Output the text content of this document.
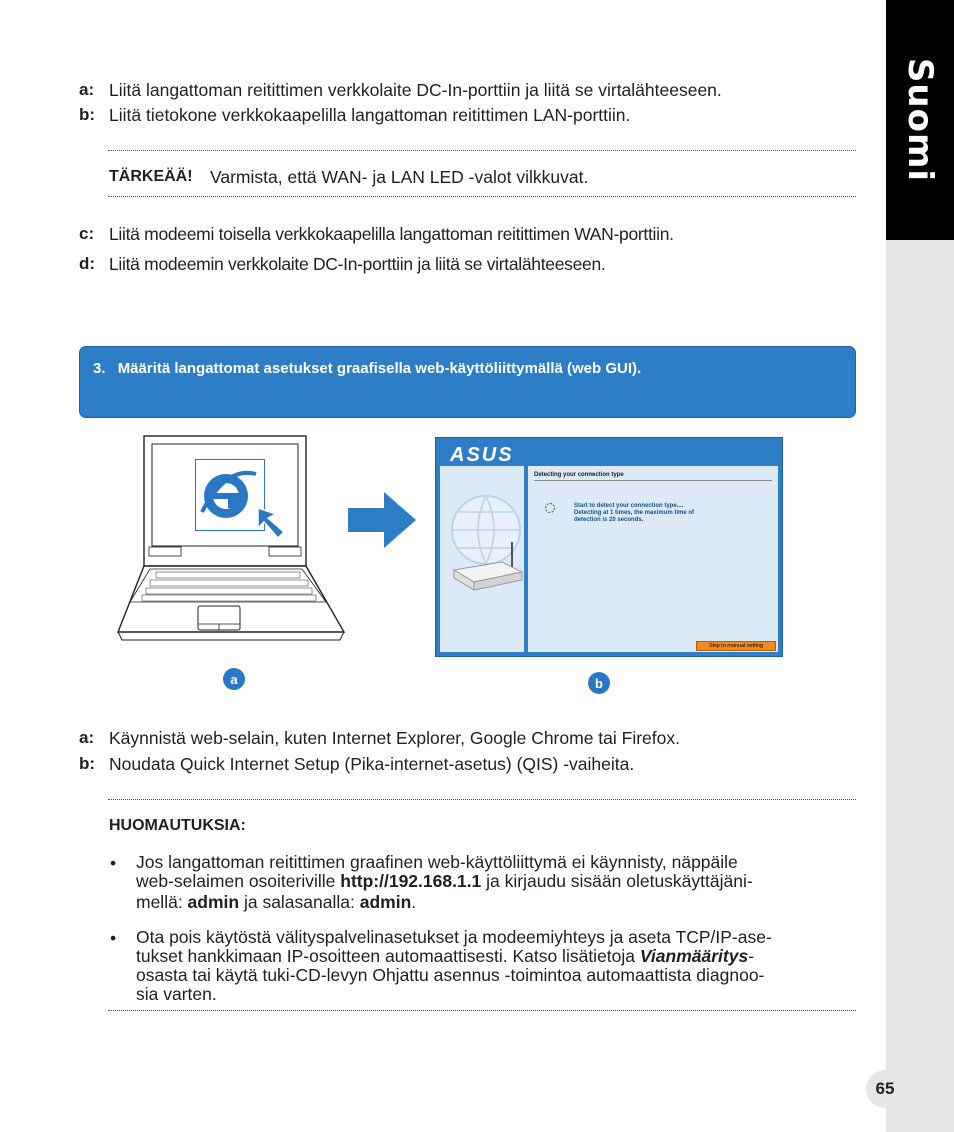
Suomi
65
a: Liitä langattoman reitittimen verkkolaite DC-In-porttiin ja liitä se virtalähteeseen.
b: Liitä tietokone verkkokaapelilla langattoman reitittimen LAN-porttiin.
TÄRKEÄÄ! Varmista, että WAN- ja LAN LED -valot vilkkuvat.
c: Liitä modeemi toisella verkkokaapelilla langattoman reitittimen WAN-porttiin.
d: Liitä modeemin verkkolaite DC-In-porttiin ja liitä se virtalähteeseen.
3. Määritä langattomat asetukset graafisella web-käyttöliittymällä (web GUI).
ASUS
Detecting your connection type
Start to detect your connection type....
Detecting at 1 times, the maximum time of
detection is 20 seconds.
Skip to manual setting
a	b
a: Käynnistä web-selain, kuten Internet Explorer, Google Chrome tai Firefox.
b: Noudata Quick Internet Setup (Pika-internet-asetus) (QIS) -vaiheita.
HUOMAUTUKSIA:
• Jos langattoman reitittimen graafinen web-käyttöliittymä ei käynnisty, näppäile
web-selaimen osoiteriville http://192.168.1.1 ja kirjaudu sisään oletuskäyttäjäni-
mellä: admin ja salasanalla: admin.
• Ota pois käytöstä välityspalvelinasetukset ja modeemiyhteys ja aseta TCP/IP-ase-
tukset hankkimaan IP-osoitteen automaattisesti. Katso lisätietoja Vianmääritys-
osasta tai käytä tuki-CD-levyn Ohjattu asennus -toimintoa automaattista diagnoo-
sia varten.
